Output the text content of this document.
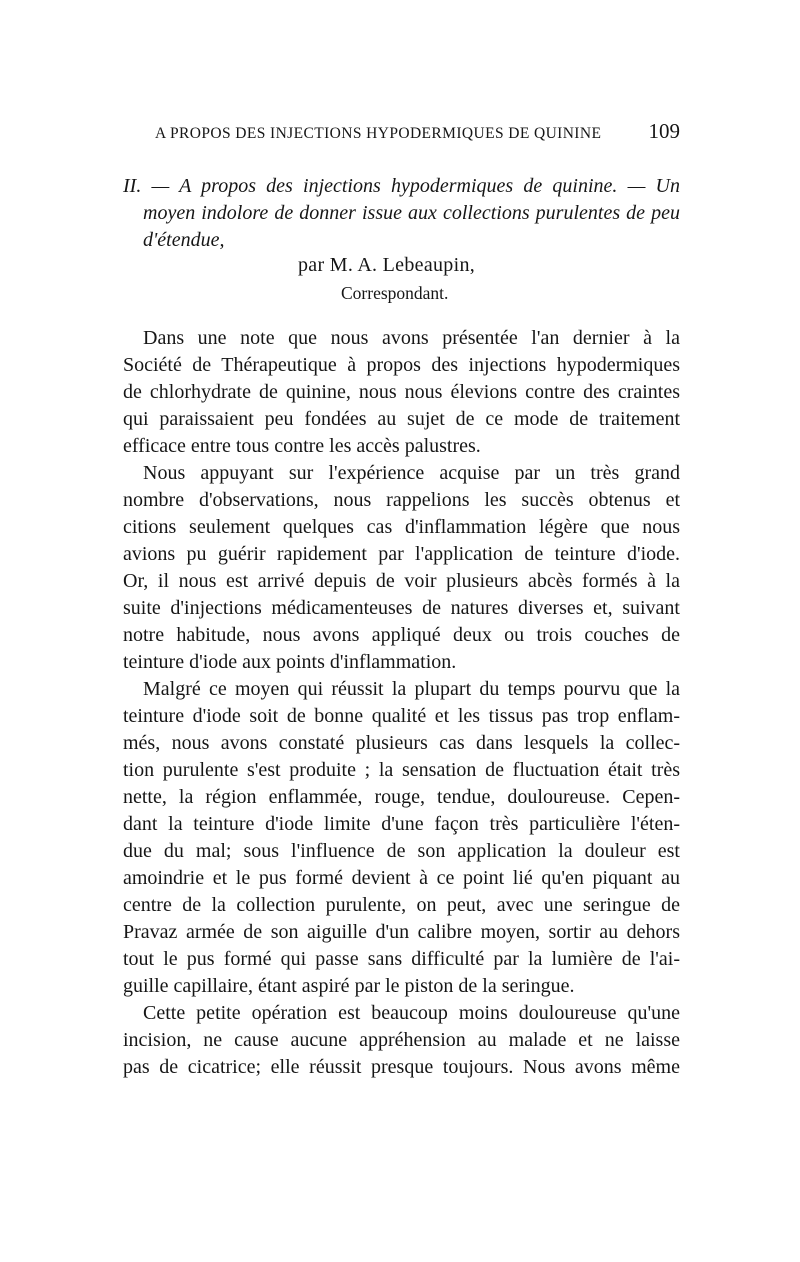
A PROPOS DES INJECTIONS HYPODERMIQUES DE QUININE 109
II. — A propos des injections hypodermiques de quinine. — Un
moyen indolore de donner issue aux collections purulentes de peu
d'étendue,
par M. A. Lebeaupin,
Correspondant.

Dans une note que nous avons présentée l'an dernier à la
Société de Thérapeutique à propos des injections hypodermiques
de chlorhydrate de quinine, nous nous élevions contre des craintes
qui paraissaient peu fondées au sujet de ce mode de traitement
efficace entre tous contre les accès palustres.

Nous appuyant sur l'expérience acquise par un très grand
nombre d'observations, nous rappelions les succès obtenus et
citions seulement quelques cas d'inflammation légère que nous
avions pu guérir rapidement par l'application de teinture d'iode.
Or, il nous est arrivé depuis de voir plusieurs abcès formés à la
suite d'injections médicamenteuses de natures diverses et, suivant
notre habitude, nous avons appliqué deux ou trois couches de
teinture d'iode aux points d'inflammation.

Malgré ce moyen qui réussit la plupart du temps pourvu que la
teinture d'iode soit de bonne qualité et les tissus pas trop enflam-
més, nous avons constaté plusieurs cas dans lesquels la collec-
tion purulente s'est produite ; la sensation de fluctuation était très
nette, la région enflammée, rouge, tendue, douloureuse. Cepen-
dant la teinture d'iode limite d'une façon très particulière l'éten-
due du mal; sous l'influence de son application la douleur est
amoindrie et le pus formé devient à ce point lié qu'en piquant au
centre de la collection purulente, on peut, avec une seringue de
Pravaz armée de son aiguille d'un calibre moyen, sortir au dehors
tout le pus formé qui passe sans difficulté par la lumière de l'ai-
guille capillaire, étant aspiré par le piston de la seringue.

Cette petite opération est beaucoup moins douloureuse qu'une
incision, ne cause aucune appréhension au malade et ne laisse
pas de cicatrice; elle réussit presque toujours. Nous avons même
